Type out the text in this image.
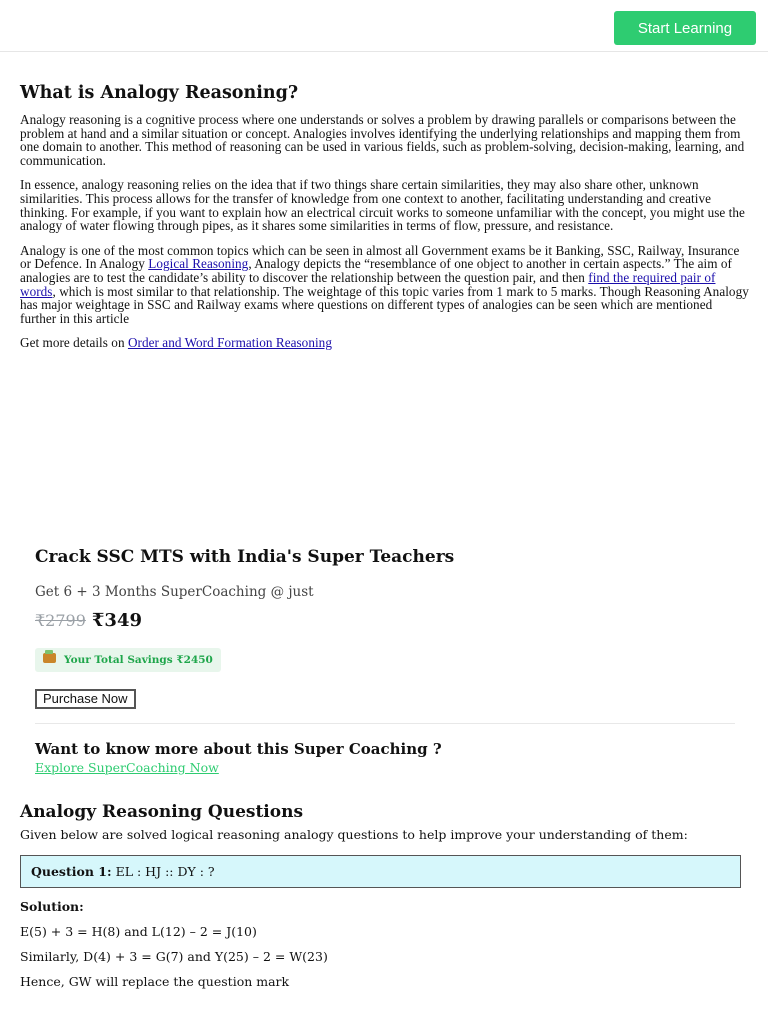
Start Learning
What is Analogy Reasoning?

Analogy reasoning is a cognitive process where one understands or solves a problem by drawing parallels or comparisons between the problem at hand and a similar situation or concept. Analogies involves identifying the underlying relationships and mapping them from one domain to another. This method of reasoning can be used in various fields, such as problem-solving, decision-making, learning, and communication.

In essence, analogy reasoning relies on the idea that if two things share certain similarities, they may also share other, unknown similarities. This process allows for the transfer of knowledge from one context to another, facilitating understanding and creative thinking. For example, if you want to explain how an electrical circuit works to someone unfamiliar with the concept, you might use the analogy of water flowing through pipes, as it shares some similarities in terms of flow, pressure, and resistance.

Analogy is one of the most common topics which can be seen in almost all Government exams be it Banking, SSC, Railway, Insurance or Defence. In Analogy Logical Reasoning, Analogy depicts the “resemblance of one object to another in certain aspects.” The aim of analogies are to test the candidate’s ability to discover the relationship between the question pair, and then find the required pair of words, which is most similar to that relationship. The weightage of this topic varies from 1 mark to 5 marks. Though Reasoning Analogy has major weightage in SSC and Railway exams where questions on different types of analogies can be seen which are mentioned further in this article

Get more details on Order and Word Formation Reasoning

Crack SSC MTS with India's Super Teachers
Get 6 + 3 Months SuperCoaching @ just
₹2799 ₹349
Your Total Savings ₹2450
Purchase Now
Want to know more about this Super Coaching ?
Explore SuperCoaching Now
Analogy Reasoning Questions
Given below are solved logical reasoning analogy questions to help improve your understanding of them:
Question 1: EL : HJ :: DY : ?
Solution:
E(5) + 3 = H(8) and L(12) – 2 = J(10)
Similarly, D(4) + 3 = G(7) and Y(25) – 2 = W(23)
Hence, GW will replace the question mark
